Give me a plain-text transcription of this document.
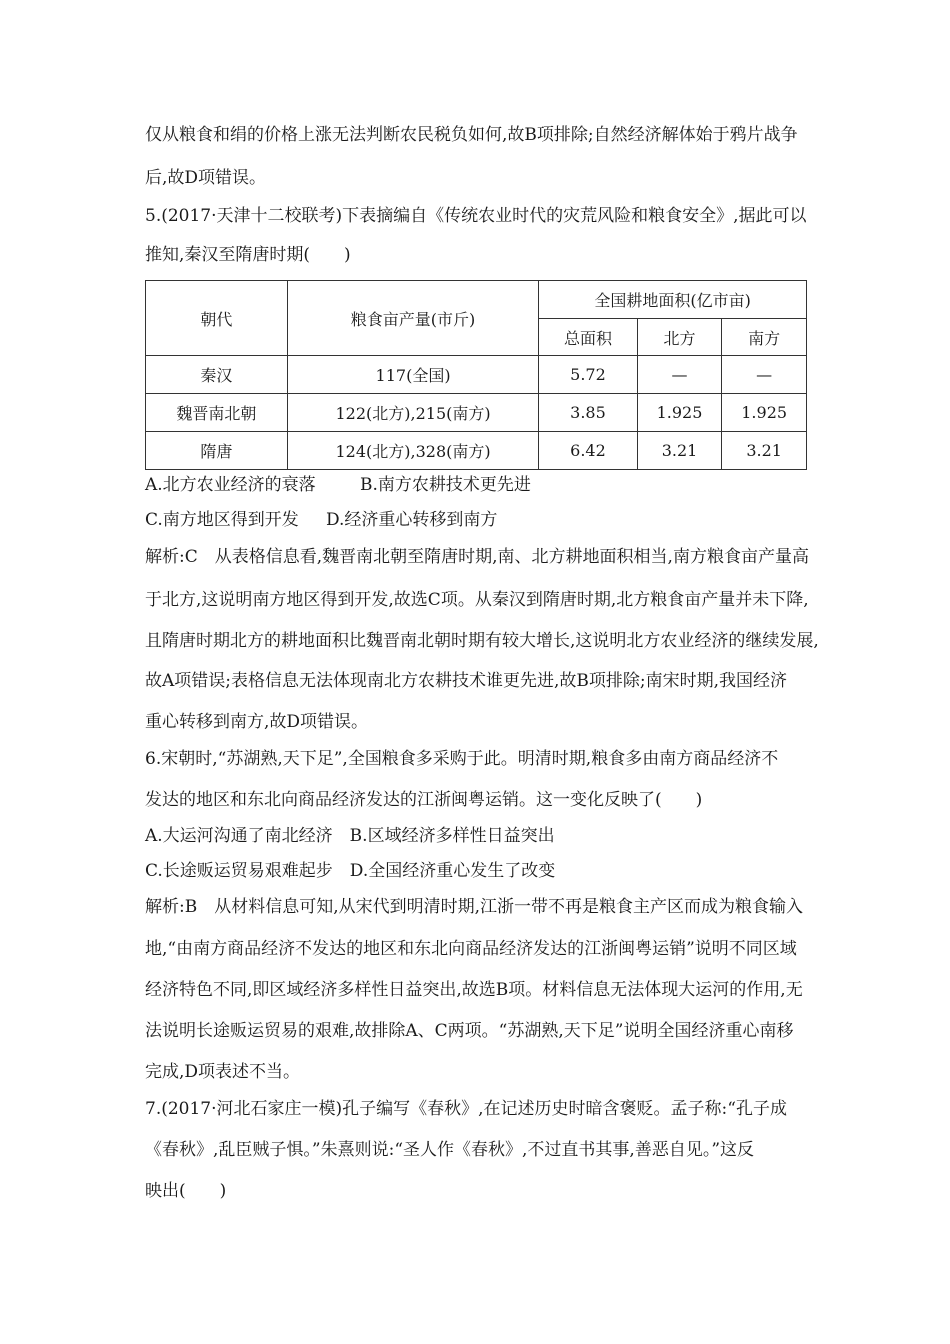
仅从粮食和绢的价格上涨无法判断农民税负如何,故B项排除;自然经济解体始于鸦片战争
后,故D项错误。
5.(2017·天津十二校联考)下表摘编自《传统农业时代的灾荒风险和粮食安全》,据此可以
推知,秦汉至隋唐时期(　　)
朝代	粮食亩产量(市斤)	全国耕地面积(亿市亩)		
		总面积	北方	南方
秦汉	117(全国)	5.72	—	—
魏晋南北朝	122(北方),215(南方)	3.85	1.925	1.925
隋唐	124(北方),328(南方)	6.42	3.21	3.21
A.北方农业经济的衰落	B.南方农耕技术更先进
C.南方地区得到开发 D.经济重心转移到南方
解析:C　从表格信息看,魏晋南北朝至隋唐时期,南、北方耕地面积相当,南方粮食亩产量高
于北方,这说明南方地区得到开发,故选C项。从秦汉到隋唐时期,北方粮食亩产量并未下降,
且隋唐时期北方的耕地面积比魏晋南北朝时期有较大增长,这说明北方农业经济的继续发展,
故A项错误;表格信息无法体现南北方农耕技术谁更先进,故B项排除;南宋时期,我国经济
重心转移到南方,故D项错误。
6.宋朝时,“苏湖熟,天下足”,全国粮食多采购于此。明清时期,粮食多由南方商品经济不
发达的地区和东北向商品经济发达的江浙闽粤运销。这一变化反映了(　　)
A.大运河沟通了南北经济　B.区域经济多样性日益突出
C.长途贩运贸易艰难起步　D.全国经济重心发生了改变
解析:B　从材料信息可知,从宋代到明清时期,江浙一带不再是粮食主产区而成为粮食输入
地,“由南方商品经济不发达的地区和东北向商品经济发达的江浙闽粤运销”说明不同区域
经济特色不同,即区域经济多样性日益突出,故选B项。材料信息无法体现大运河的作用,无
法说明长途贩运贸易的艰难,故排除A、C两项。“苏湖熟,天下足”说明全国经济重心南移
完成,D项表述不当。
7.(2017·河北石家庄一模)孔子编写《春秋》,在记述历史时暗含褒贬。孟子称:“孔子成
《春秋》,乱臣贼子惧。”朱熹则说:“圣人作《春秋》,不过直书其事,善恶自见。”这反
映出(　　)
